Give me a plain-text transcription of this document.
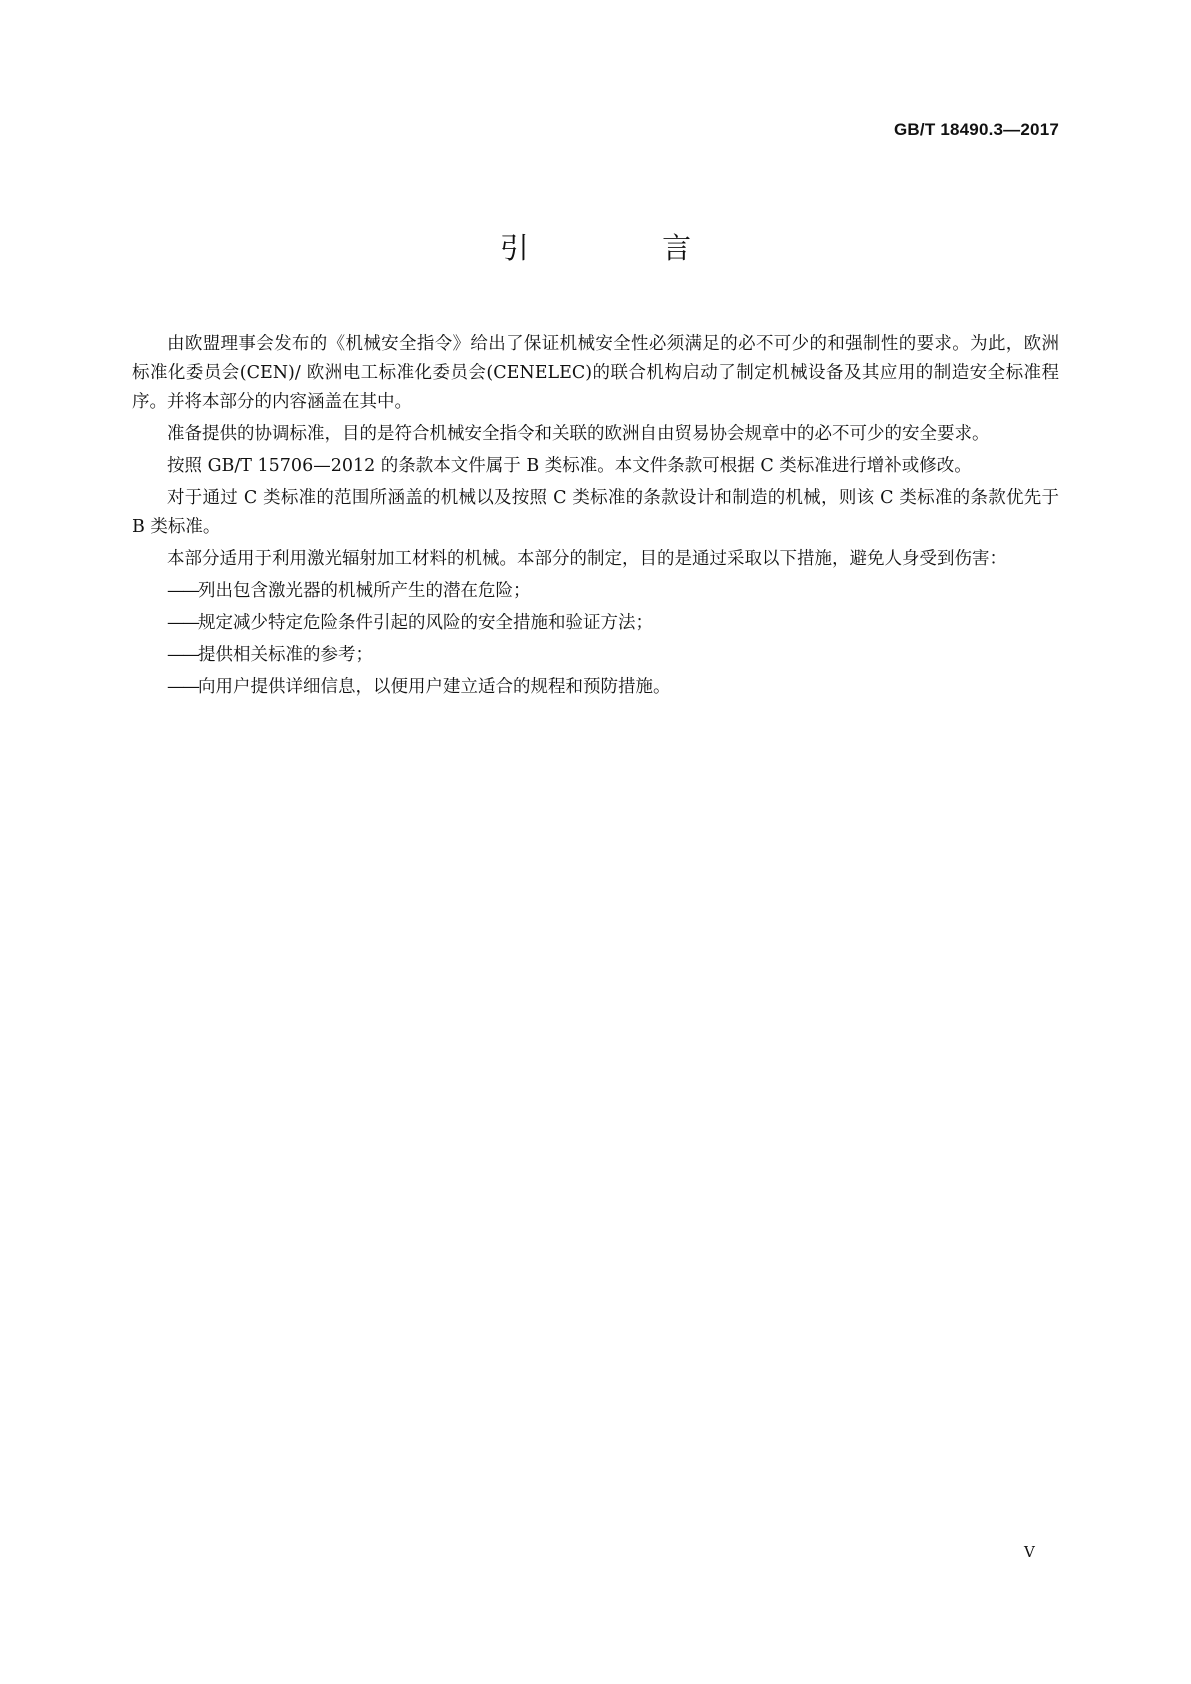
GB/T 18490.3—2017
引 言

由欧盟理事会发布的《机械安全指令》给出了保证机械安全性必须满足的必不可少的和强制性的要求。为此，欧洲标准化委员会(CEN)/ 欧洲电工标准化委员会(CENELEC)的联合机构启动了制定机械设备及其应用的制造安全标准程序。并将本部分的内容涵盖在其中。

准备提供的协调标准，目的是符合机械安全指令和关联的欧洲自由贸易协会规章中的必不可少的安全要求。

按照 GB/T 15706—2012 的条款本文件属于 B 类标准。本文件条款可根据 C 类标准进行增补或修改。

对于通过 C 类标准的范围所涵盖的机械以及按照 C 类标准的条款设计和制造的机械，则该 C 类标准的条款优先于 B 类标准。

本部分适用于利用激光辐射加工材料的机械。本部分的制定，目的是通过采取以下措施，避免人身受到伤害：

——列出包含激光器的机械所产生的潜在危险；
——规定减少特定危险条件引起的风险的安全措施和验证方法；
——提供相关标准的参考；
——向用户提供详细信息，以便用户建立适合的规程和预防措施。
V
